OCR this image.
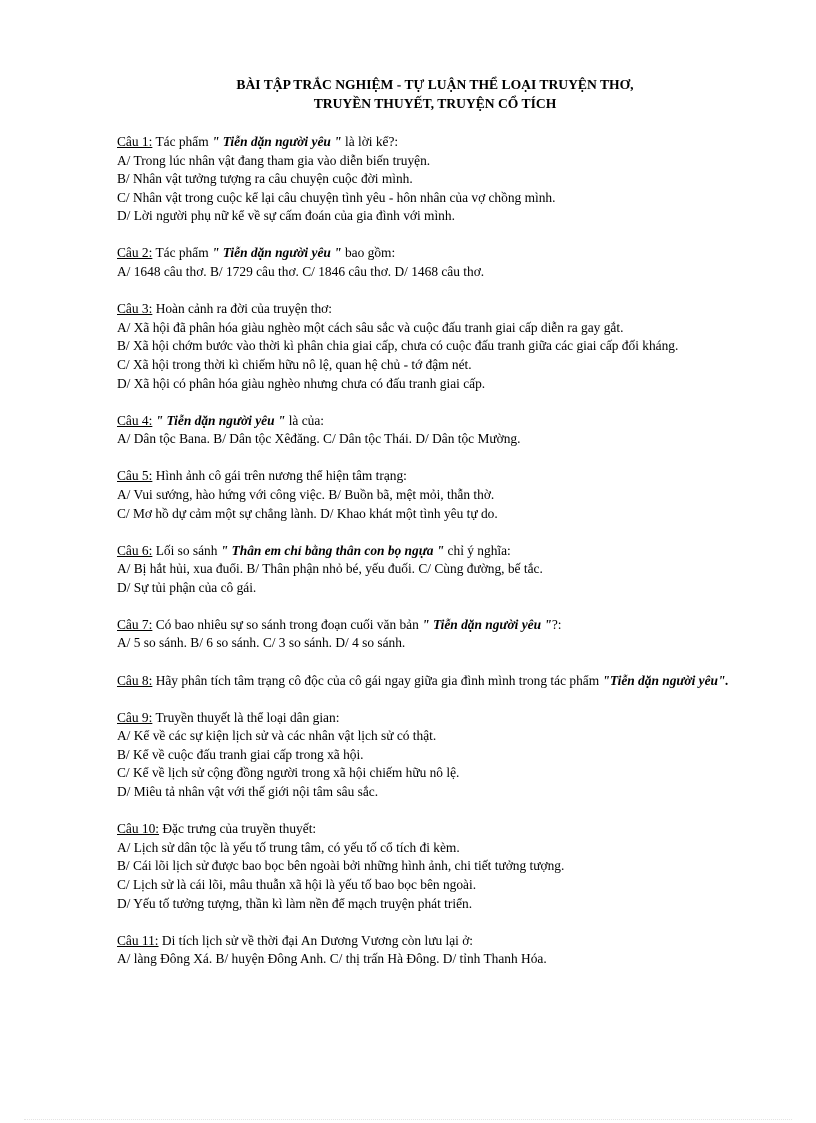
BÀI TẬP TRẮC NGHIỆM - TỰ LUẬN THỂ LOẠI TRUYỆN THƠ,
TRUYỀN THUYẾT, TRUYỆN CỔ TÍCH
Câu 1: Tác phẩm " Tiễn dặn người yêu " là lời kể?:
A/ Trong lúc nhân vật đang tham gia vào diễn biến truyện.
B/ Nhân vật tưởng tượng ra câu chuyện cuộc đời mình.
C/ Nhân vật trong cuộc kể lại câu chuyện tình yêu - hôn nhân của vợ chồng mình.
D/ Lời người phụ nữ kể về sự cấm đoán của gia đình với mình.
Câu 2: Tác phẩm " Tiễn dặn người yêu " bao gồm:
A/ 1648 câu thơ. B/ 1729 câu thơ. C/ 1846 câu thơ. D/ 1468 câu thơ.
Câu 3: Hoàn cảnh ra đời của truyện thơ:
A/ Xã hội đã phân hóa giàu nghèo một cách sâu sắc và cuộc đấu tranh giai cấp diễn ra gay gắt.
B/ Xã hội chớm bước vào thời kì phân chia giai cấp, chưa có cuộc đấu tranh giữa các giai cấp đối kháng.
C/ Xã hội trong thời kì chiếm hữu nô lệ, quan hệ chủ - tớ đậm nét.
D/ Xã hội có phân hóa giàu nghèo nhưng chưa có đấu tranh giai cấp.
Câu 4: " Tiễn dặn người yêu " là của:
A/ Dân tộc Bana. B/ Dân tộc Xêđăng. C/ Dân tộc Thái. D/ Dân tộc Mường.
Câu 5: Hình ảnh cô gái trên nương thể hiện tâm trạng:
A/ Vui sướng, hào hứng với công việc. B/ Buồn bã, mệt mỏi, thẫn thờ.
C/ Mơ hồ dự cảm một sự chẳng lành. D/ Khao khát một tình yêu tự do.
Câu 6: Lối so sánh " Thân em chỉ bằng thân con bọ ngựa " chỉ ý nghĩa:
A/ Bị hắt hủi, xua đuổi. B/ Thân phận nhỏ bé, yếu đuối. C/ Cùng đường, bế tắc.
D/ Sự tủi phận của cô gái.
Câu 7: Có bao nhiêu sự so sánh trong đoạn cuối văn bản " Tiễn dặn người yêu "?:
A/ 5 so sánh. B/ 6 so sánh. C/ 3 so sánh. D/ 4 so sánh.
Câu 8: Hãy phân tích tâm trạng cô độc của cô gái ngay giữa gia đình mình trong tác phẩm "Tiễn dặn người yêu".
Câu 9: Truyền thuyết là thể loại dân gian:
A/ Kể về các sự kiện lịch sử và các nhân vật lịch sử có thật.
B/ Kể về cuộc đấu tranh giai cấp trong xã hội.
C/ Kể về lịch sử cộng đồng người trong xã hội chiếm hữu nô lệ.
D/ Miêu tả nhân vật với thế giới nội tâm sâu sắc.
Câu 10: Đặc trưng của truyền thuyết:
A/ Lịch sử dân tộc là yếu tố trung tâm, có yếu tố cổ tích đi kèm.
B/ Cái lõi lịch sử được bao bọc bên ngoài bởi những hình ảnh, chi tiết tưởng tượng.
C/ Lịch sử là cái lõi, mâu thuẫn xã hội là yếu tố bao bọc bên ngoài.
D/ Yếu tố tưởng tượng, thần kì làm nền để mạch truyện phát triển.
Câu 11: Di tích lịch sử về thời đại An Dương Vương còn lưu lại ở:
A/ làng Đông Xá. B/ huyện Đông Anh. C/ thị trấn Hà Đông. D/ tỉnh Thanh Hóa.
